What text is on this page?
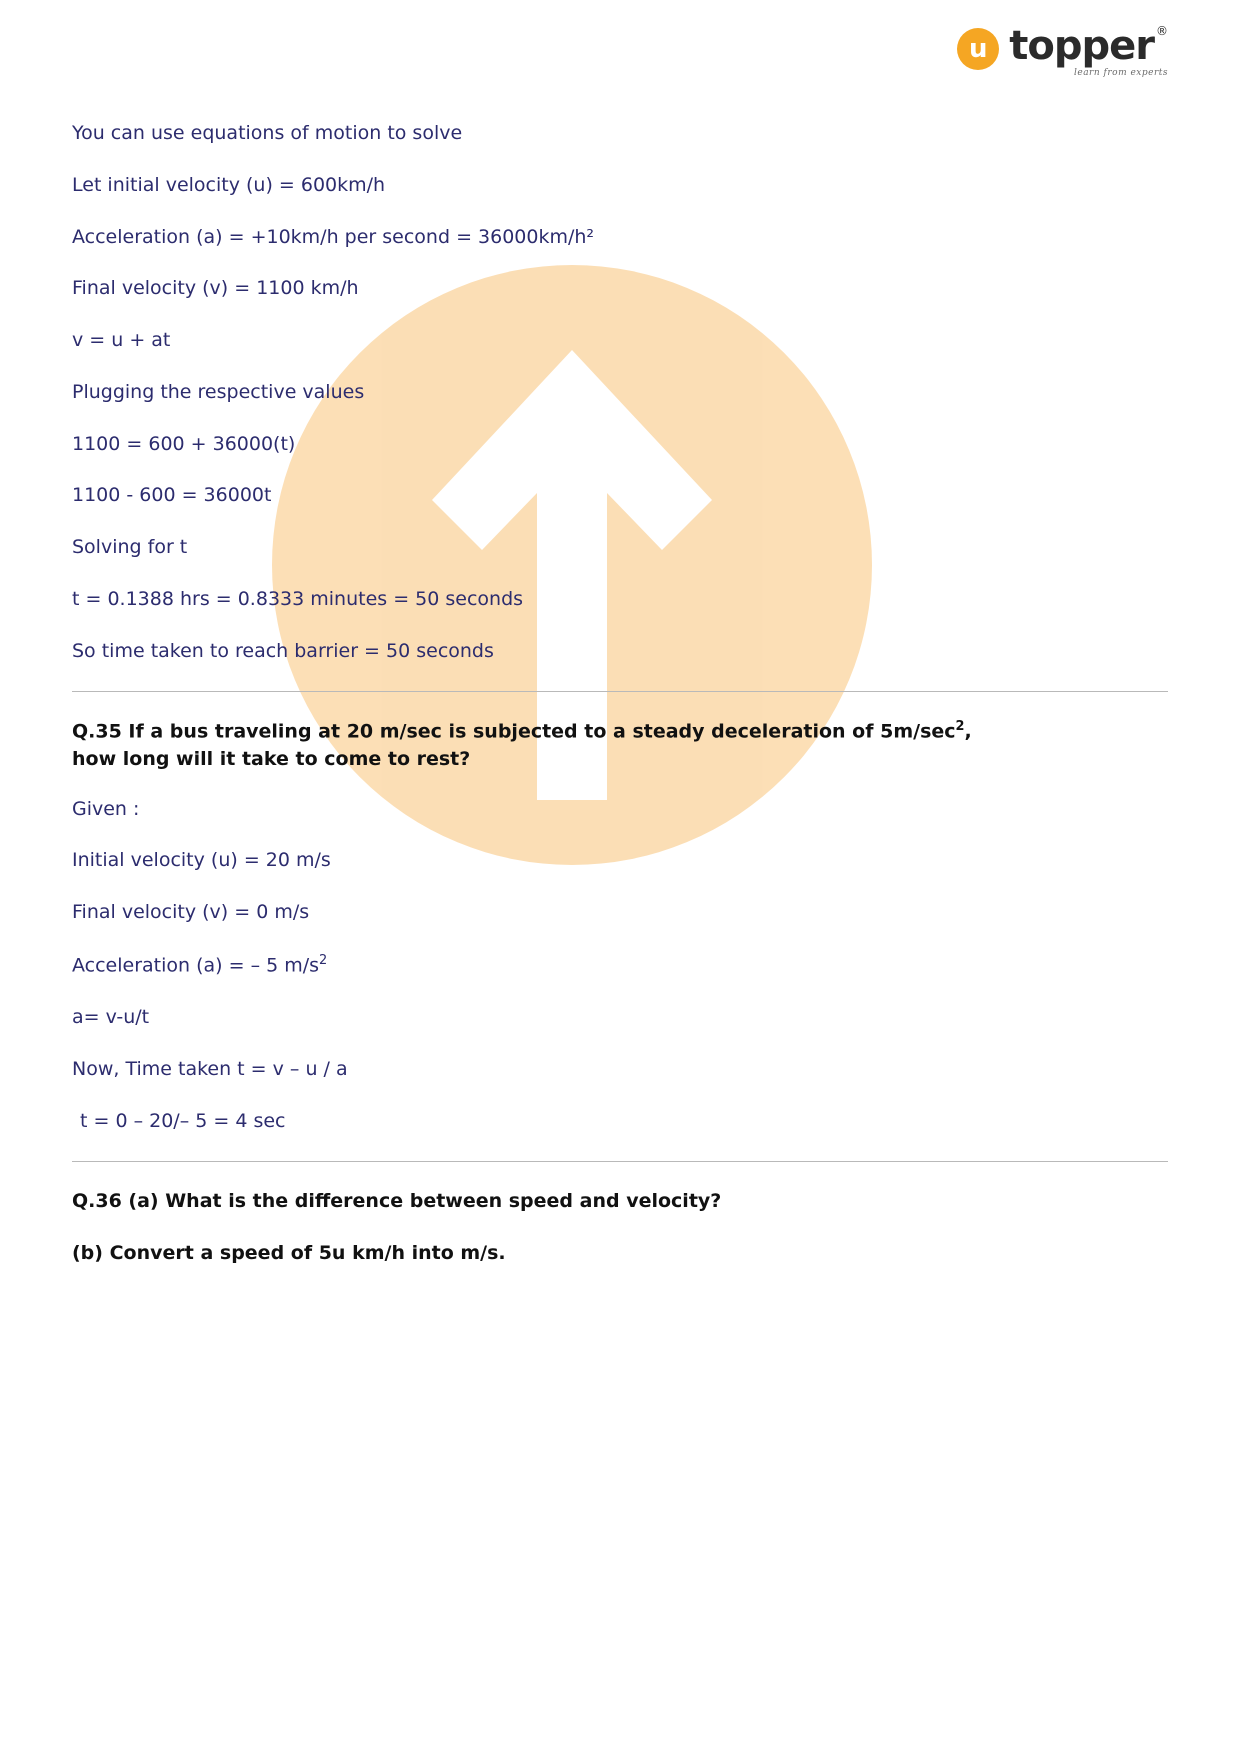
u topper ®
learn from experts

You can use equations of motion to solve

Let initial velocity (u) = 600km/h

Acceleration (a) = +10km/h per second = 36000km/h²

Final velocity (v) = 1100 km/h

v = u + at

Plugging the respective values

1100 = 600 + 36000(t)

1100 - 600 = 36000t

Solving for t

t = 0.1388 hrs = 0.8333 minutes = 50 seconds

So time taken to reach barrier = 50 seconds

Q.35 If a bus traveling at 20 m/sec is subjected to a steady deceleration of $5m/\sec^2$,
how long will it take to come to rest?

Given :

Initial velocity (u) = 20 m/s

Final velocity (v) = 0 m/s

Acceleration (a) = – 5 $m/s^2$

a= v-u/t

Now, Time taken t = v – u / a

t = 0 – 20/– 5 = 4 sec

Q.36 (a) What is the difference between speed and velocity?

(b) Convert a speed of 5u km/h into m/s.
